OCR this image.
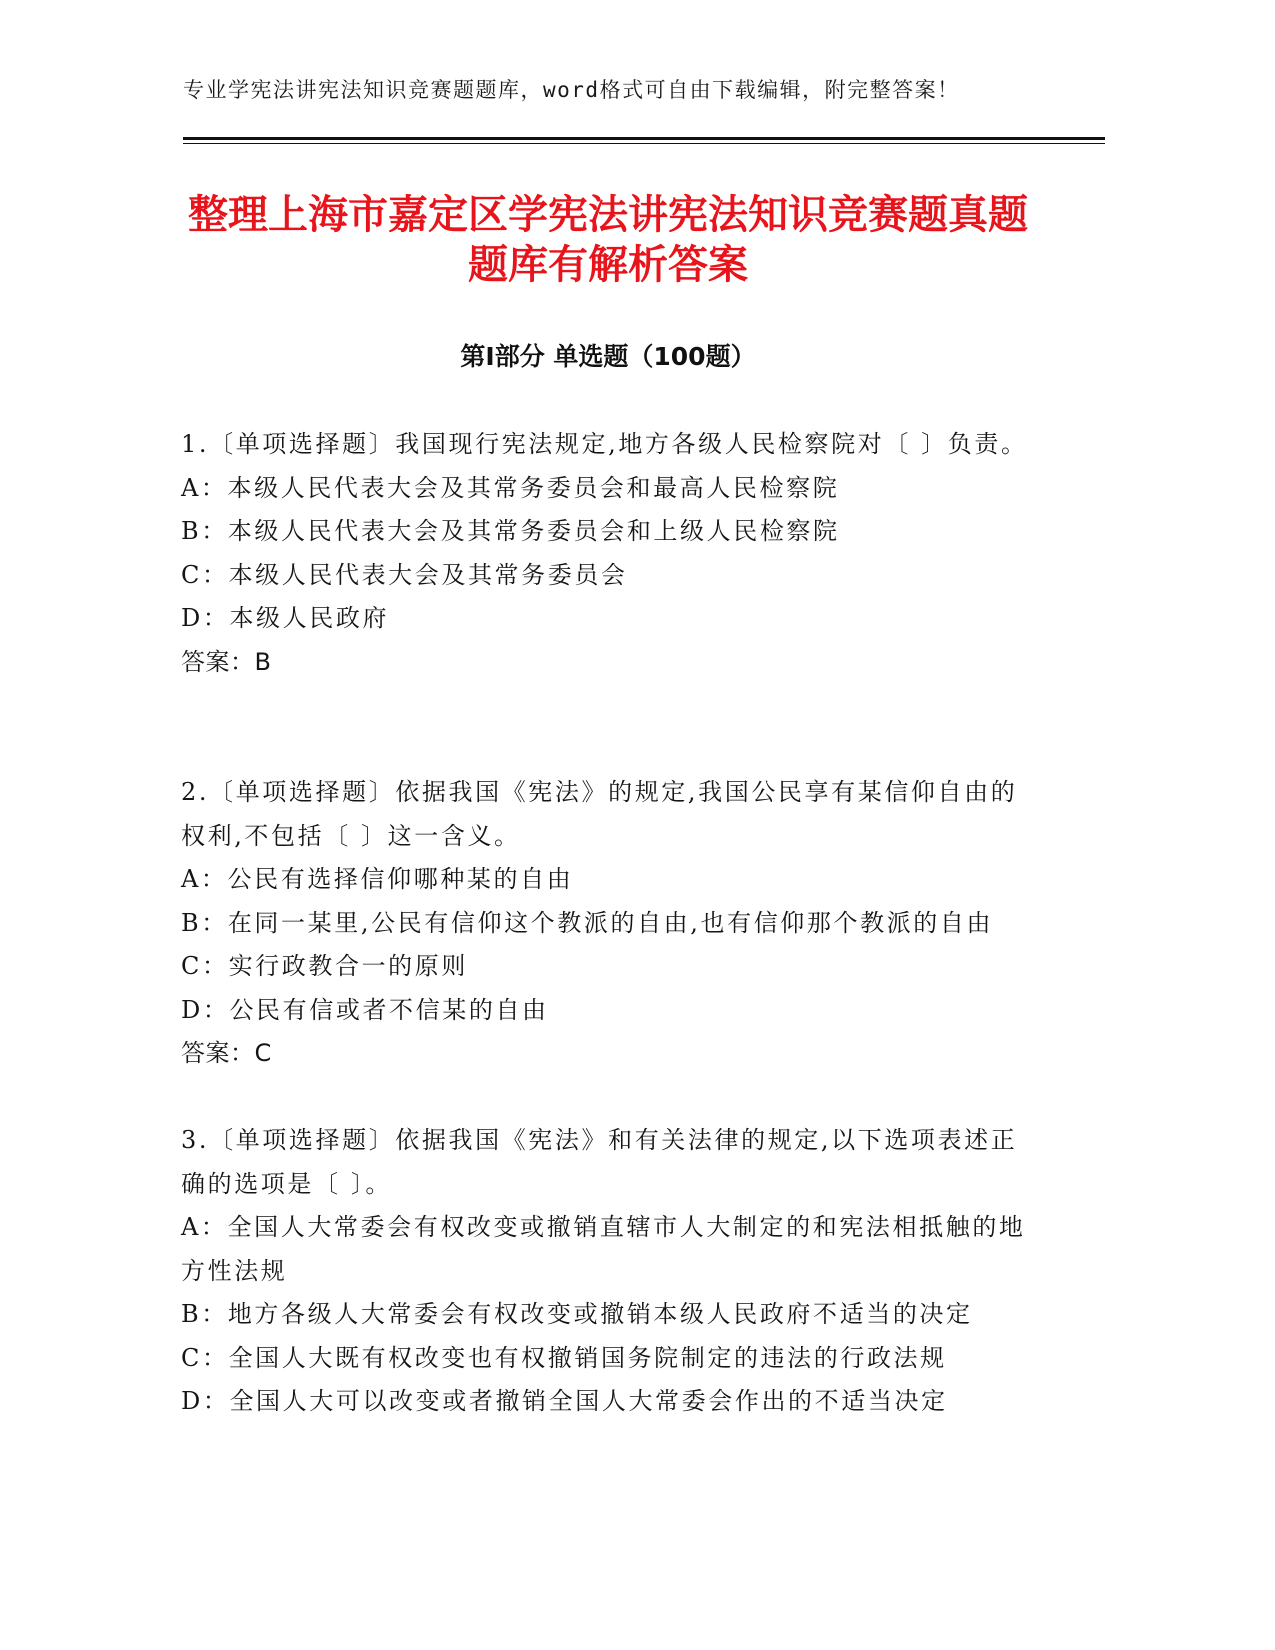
专业学宪法讲宪法知识竞赛题题库，word格式可自由下载编辑，附完整答案！
整理上海市嘉定区学宪法讲宪法知识竞赛题真题题库有解析答案
第Ⅰ部分 单选题（100题）
1.〔单项选择题〕我国现行宪法规定,地方各级人民检察院对〔 〕负责。
A：本级人民代表大会及其常务委员会和最高人民检察院
B：本级人民代表大会及其常务委员会和上级人民检察院
C：本级人民代表大会及其常务委员会
D：本级人民政府
答案：B
2.〔单项选择题〕依据我国《宪法》的规定,我国公民享有某信仰自由的权利,不包括〔 〕这一含义。
A：公民有选择信仰哪种某的自由
B：在同一某里,公民有信仰这个教派的自由,也有信仰那个教派的自由
C：实行政教合一的原则
D：公民有信或者不信某的自由
答案：C
3.〔单项选择题〕依据我国《宪法》和有关法律的规定,以下选项表述正确的选项是〔 〕。
A：全国人大常委会有权改变或撤销直辖市人大制定的和宪法相抵触的地方性法规
B：地方各级人大常委会有权改变或撤销本级人民政府不适当的决定
C：全国人大既有权改变也有权撤销国务院制定的违法的行政法规
D：全国人大可以改变或者撤销全国人大常委会作出的不适当决定
